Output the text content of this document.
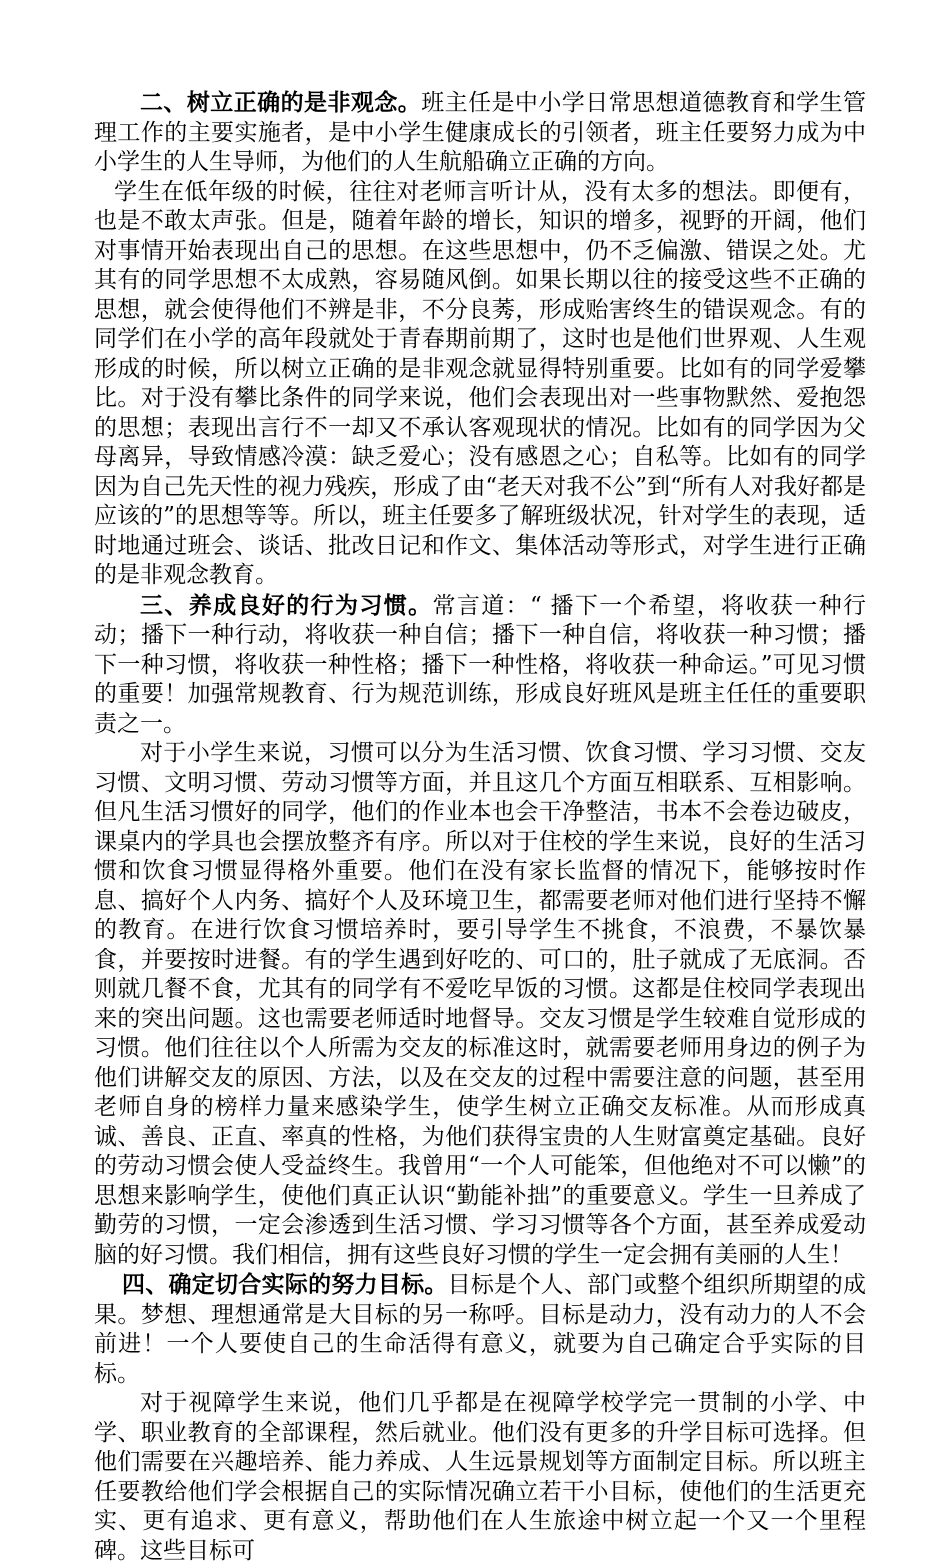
二、树立正确的是非观念。班主任是中小学日常思想道德教育和学生管理工作的主要实施者，是中小学生健康成长的引领者，班主任要努力成为中小学生的人生导师，为他们的人生航船确立正确的方向。

学生在低年级的时候，往往对老师言听计从，没有太多的想法。即便有，也是不敢太声张。但是，随着年龄的增长，知识的增多，视野的开阔，他们对事情开始表现出自己的思想。在这些思想中，仍不乏偏激、错误之处。尤其有的同学思想不太成熟，容易随风倒。如果长期以往的接受这些不正确的思想，就会使得他们不辨是非，不分良莠，形成贻害终生的错误观念。有的同学们在小学的高年段就处于青春期前期了，这时也是他们世界观、人生观形成的时候，所以树立正确的是非观念就显得特别重要。比如有的同学爱攀比。对于没有攀比条件的同学来说，他们会表现出对一些事物默然、爱抱怨的思想；表现出言行不一却又不承认客观现状的情况。比如有的同学因为父母离异，导致情感冷漠：缺乏爱心；没有感恩之心；自私等。比如有的同学因为自己先天性的视力残疾，形成了由“老天对我不公”到“所有人对我好都是应该的”的思想等等。所以，班主任要多了解班级状况，针对学生的表现，适时地通过班会、谈话、批改日记和作文、集体活动等形式，对学生进行正确的是非观念教育。

三、养成良好的行为习惯。常言道：“ 播下一个希望，将收获一种行动；播下一种行动，将收获一种自信；播下一种自信，将收获一种习惯；播下一种习惯，将收获一种性格；播下一种性格，将收获一种命运。”可见习惯的重要！加强常规教育、行为规范训练，形成良好班风是班主任任的重要职责之一。

对于小学生来说，习惯可以分为生活习惯、饮食习惯、学习习惯、交友习惯、文明习惯、劳动习惯等方面，并且这几个方面互相联系、互相影响。但凡生活习惯好的同学，他们的作业本也会干净整洁，书本不会卷边破皮，课桌内的学具也会摆放整齐有序。所以对于住校的学生来说，良好的生活习惯和饮食习惯显得格外重要。他们在没有家长监督的情况下，能够按时作息、搞好个人内务、搞好个人及环境卫生，都需要老师对他们进行坚持不懈的教育。在进行饮食习惯培养时，要引导学生不挑食，不浪费，不暴饮暴食，并要按时进餐。有的学生遇到好吃的、可口的，肚子就成了无底洞。否则就几餐不食，尤其有的同学有不爱吃早饭的习惯。这都是住校同学表现出来的突出问题。这也需要老师适时地督导。交友习惯是学生较难自觉形成的习惯。他们往往以个人所需为交友的标准这时，就需要老师用身边的例子为他们讲解交友的原因、方法，以及在交友的过程中需要注意的问题，甚至用老师自身的榜样力量来感染学生，使学生树立正确交友标准。从而形成真诚、善良、正直、率真的性格，为他们获得宝贵的人生财富奠定基础。良好的劳动习惯会使人受益终生。我曾用“一个人可能笨，但他绝对不可以懒”的思想来影响学生，使他们真正认识“勤能补拙”的重要意义。学生一旦养成了勤劳的习惯，一定会渗透到生活习惯、学习习惯等各个方面，甚至养成爱动脑的好习惯。我们相信，拥有这些良好习惯的学生一定会拥有美丽的人生！

四、确定切合实际的努力目标。目标是个人、部门或整个组织所期望的成果。梦想、理想通常是大目标的另一称呼。目标是动力，没有动力的人不会前进！一个人要使自己的生命活得有意义，就要为自己确定合乎实际的目标。

对于视障学生来说，他们几乎都是在视障学校学完一贯制的小学、中学、职业教育的全部课程，然后就业。他们没有更多的升学目标可选择。但他们需要在兴趣培养、能力养成、人生远景规划等方面制定目标。所以班主任要教给他们学会根据自己的实际情况确立若干小目标，使他们的生活更充实、更有追求、更有意义，帮助他们在人生旅途中树立起一个又一个里程碑。这些目标可
